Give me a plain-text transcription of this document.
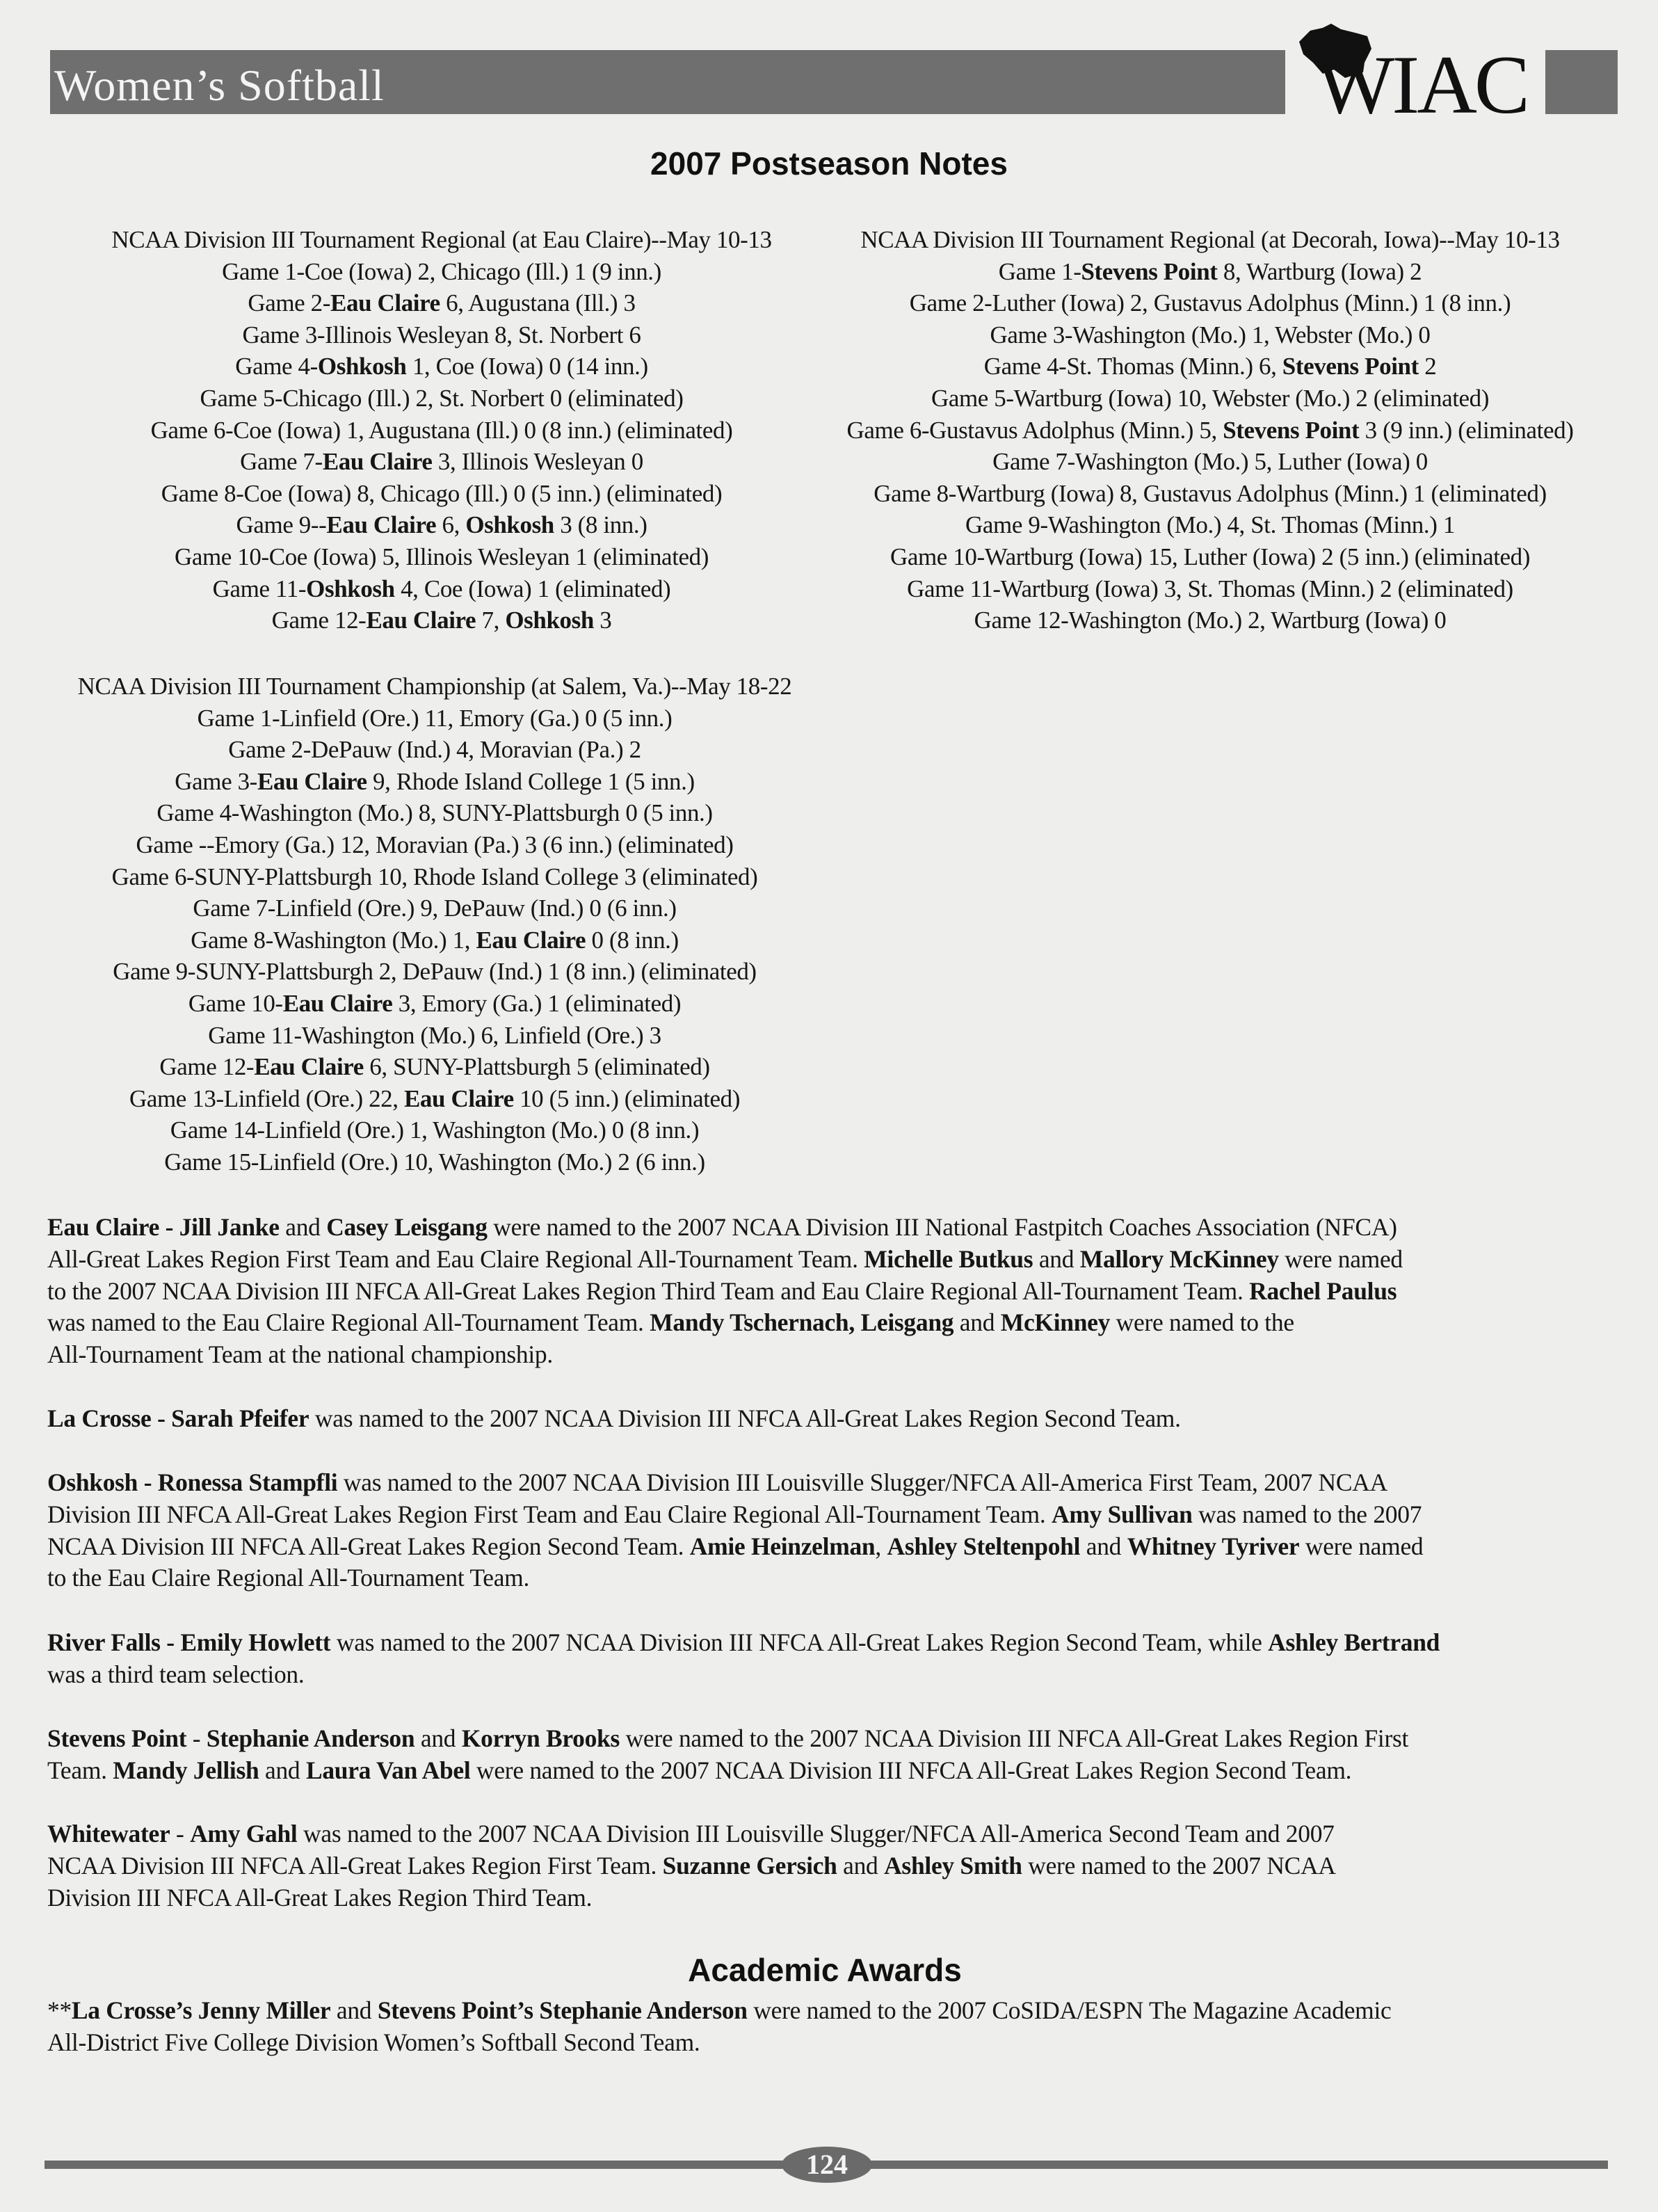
Women’s Softball	WIAC
2007 Postseason Notes
NCAA Division III Tournament Regional (at Eau Claire)--May 10-13
Game 1-Coe (Iowa) 2, Chicago (Ill.) 1 (9 inn.)
Game 2-Eau Claire 6, Augustana (Ill.) 3
Game 3-Illinois Wesleyan 8, St. Norbert 6
Game 4-Oshkosh 1, Coe (Iowa) 0 (14 inn.)
Game 5-Chicago (Ill.) 2, St. Norbert 0 (eliminated)
Game 6-Coe (Iowa) 1, Augustana (Ill.) 0 (8 inn.) (eliminated)
Game 7-Eau Claire 3, Illinois Wesleyan 0
Game 8-Coe (Iowa) 8, Chicago (Ill.) 0 (5 inn.) (eliminated)
Game 9--Eau Claire 6, Oshkosh 3 (8 inn.)
Game 10-Coe (Iowa) 5, Illinois Wesleyan 1 (eliminated)
Game 11-Oshkosh 4, Coe (Iowa) 1 (eliminated)
Game 12-Eau Claire 7, Oshkosh 3
NCAA Division III Tournament Regional (at Decorah, Iowa)--May 10-13
Game 1-Stevens Point 8, Wartburg (Iowa) 2
Game 2-Luther (Iowa) 2, Gustavus Adolphus (Minn.) 1 (8 inn.)
Game 3-Washington (Mo.) 1, Webster (Mo.) 0
Game 4-St. Thomas (Minn.) 6, Stevens Point 2
Game 5-Wartburg (Iowa) 10, Webster (Mo.) 2 (eliminated)
Game 6-Gustavus Adolphus (Minn.) 5, Stevens Point 3 (9 inn.) (eliminated)
Game 7-Washington (Mo.) 5, Luther (Iowa) 0
Game 8-Wartburg (Iowa) 8, Gustavus Adolphus (Minn.) 1 (eliminated)
Game 9-Washington (Mo.) 4, St. Thomas (Minn.) 1
Game 10-Wartburg (Iowa) 15, Luther (Iowa) 2 (5 inn.) (eliminated)
Game 11-Wartburg (Iowa) 3, St. Thomas (Minn.) 2 (eliminated)
Game 12-Washington (Mo.) 2, Wartburg (Iowa) 0
NCAA Division III Tournament Championship (at Salem, Va.)--May 18-22
Game 1-Linfield (Ore.) 11, Emory (Ga.) 0 (5 inn.)
Game 2-DePauw (Ind.) 4, Moravian (Pa.) 2
Game 3-Eau Claire 9, Rhode Island College 1 (5 inn.)
Game 4-Washington (Mo.) 8, SUNY-Plattsburgh 0 (5 inn.)
Game --Emory (Ga.) 12, Moravian (Pa.) 3 (6 inn.) (eliminated)
Game 6-SUNY-Plattsburgh 10, Rhode Island College 3 (eliminated)
Game 7-Linfield (Ore.) 9, DePauw (Ind.) 0 (6 inn.)
Game 8-Washington (Mo.) 1, Eau Claire 0 (8 inn.)
Game 9-SUNY-Plattsburgh 2, DePauw (Ind.) 1 (8 inn.) (eliminated)
Game 10-Eau Claire 3, Emory (Ga.) 1 (eliminated)
Game 11-Washington (Mo.) 6, Linfield (Ore.) 3
Game 12-Eau Claire 6, SUNY-Plattsburgh 5 (eliminated)
Game 13-Linfield (Ore.) 22, Eau Claire 10 (5 inn.) (eliminated)
Game 14-Linfield (Ore.) 1, Washington (Mo.) 0 (8 inn.)
Game 15-Linfield (Ore.) 10, Washington (Mo.) 2 (6 inn.)
Eau Claire - Jill Janke and Casey Leisgang were named to the 2007 NCAA Division III National Fastpitch Coaches Association (NFCA)
All-Great Lakes Region First Team and Eau Claire Regional All-Tournament Team. Michelle Butkus and Mallory McKinney were named
to the 2007 NCAA Division III NFCA All-Great Lakes Region Third Team and Eau Claire Regional All-Tournament Team. Rachel Paulus
was named to the Eau Claire Regional All-Tournament Team. Mandy Tschernach, Leisgang and McKinney were named to the
All-Tournament Team at the national championship.
La Crosse - Sarah Pfeifer was named to the 2007 NCAA Division III NFCA All-Great Lakes Region Second Team.
Oshkosh - Ronessa Stampfli was named to the 2007 NCAA Division III Louisville Slugger/NFCA All-America First Team, 2007 NCAA
Division III NFCA All-Great Lakes Region First Team and Eau Claire Regional All-Tournament Team. Amy Sullivan was named to the 2007
NCAA Division III NFCA All-Great Lakes Region Second Team. Amie Heinzelman, Ashley Steltenpohl and Whitney Tyriver were named
to the Eau Claire Regional All-Tournament Team.
River Falls - Emily Howlett was named to the 2007 NCAA Division III NFCA All-Great Lakes Region Second Team, while Ashley Bertrand
was a third team selection.
Stevens Point - Stephanie Anderson and Korryn Brooks were named to the 2007 NCAA Division III NFCA All-Great Lakes Region First
Team. Mandy Jellish and Laura Van Abel were named to the 2007 NCAA Division III NFCA All-Great Lakes Region Second Team.
Whitewater - Amy Gahl was named to the 2007 NCAA Division III Louisville Slugger/NFCA All-America Second Team and 2007
NCAA Division III NFCA All-Great Lakes Region First Team. Suzanne Gersich and Ashley Smith were named to the 2007 NCAA
Division III NFCA All-Great Lakes Region Third Team.
Academic Awards
**La Crosse’s Jenny Miller and Stevens Point’s Stephanie Anderson were named to the 2007 CoSIDA/ESPN The Magazine Academic
All-District Five College Division Women’s Softball Second Team.
124
